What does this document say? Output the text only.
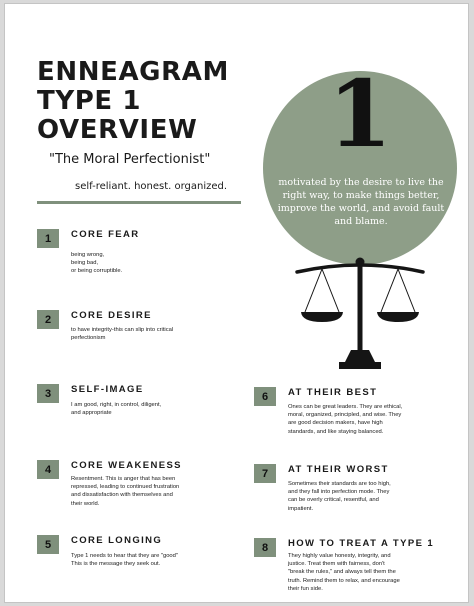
ENNEAGRAM
TYPE 1
OVERVIEW
"The Moral Perfectionist"
self-reliant. honest. organized.
1
motivated by the desire to live the right way, to make things better, improve the world, and avoid fault and blame.
1	CORE FEAR
being wrong,
being bad,
or being corruptible.
2	CORE DESIRE
to have integrity-this can slip into critical
perfectionism
3	SELF-IMAGE
I am good, right, in control, diligent,
and appropriate
4	CORE WEAKENESS
Resentment. This is anger that has been
repressed, leading to continued frustration
and dissatisfaction with themselves and
their world.
5	CORE LONGING
Type 1 needs to hear that they are "good"
This is the message they seek out.
6	AT THEIR BEST
Ones can be great leaders. They are ethical,
moral, organized, principled, and wise. They
are good decision makers, have high
standards, and like staying balanced.
7	AT THEIR WORST
Sometimes their standards are too high,
and they fall into perfection mode. They
can be overly critical, resentful, and
impatient.
8	HOW TO TREAT A TYPE 1
They highly value honesty, integrity, and
justice. Treat them with fairness, don't
"break the rules," and always tell them the
truth. Remind them to relax, and encourage
their fun side.
